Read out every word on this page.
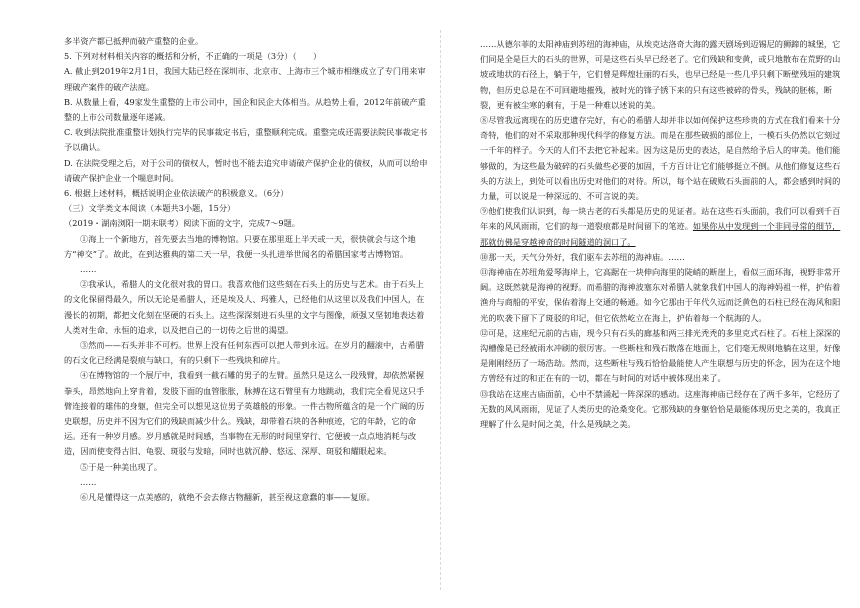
多半资产都已抵押而破产重整的企业。

5. 下列对材料相关内容的概括和分析，不正确的一项是（3分）（　　）

A. 截止到2019年2月1日，我国大陆已经在深圳市、北京市、上海市三个城市相继成立了专门用来审理破产案件的破产法庭。

B. 从数量上看，49家发生重整的上市公司中，国企和民企大体相当。从趋势上看，2012年前破产重整的上市公司数量逐年递减。

C. 收到法院批准重整计划执行完毕的民事裁定书后，重整顺利完成。重整完成还需要法院民事裁定书予以确认。

D. 在法院受理之后，对于公司的债权人，暂时也不能去追究申请破产保护企业的债权，从而可以给申请破产保护企业一个喘息时间。

6. 根据上述材料，概括说明企业依法破产的积极意义。（6分）

（三）文学类文本阅读（本题共3小题，15分）

（2019・湖南浏阳一期末联考）阅读下面的文字，完成7～9题。

①海上一个新地方，首先要去当地的博物馆。只要在那里逛上半天或一天，很快就会与这个地方“神交”了。故此，在到达雅典的第二天一早，我便一头扎进举世闻名的希腊国家考古博物馆。

……

②我承认，希腊人的文化很对我的胃口。我喜欢他们这些刻在石头上的历史与艺术。由于石头上的文化保留得最久，所以无论是希腊人，还是埃及人、玛雅人，已经他们从这里以及我们中国人，在漫长的初期，都把文化刻在坚硬的石头上。这些深深刻进石头里的文字与图像，顽强又坚韧地表达着人类对生命、永恒的追求，以及把自己的一切传之后世的渴望。

③然而——石头并非不可朽。世界上没有任何东西可以把人带到永远。在岁月的翻滚中，古希腊的石文化已经满是裂痕与缺口，有的只剩下一些残块和碎片。

④在博物馆的一个展厅中，我看到一截石雕的男子的左臂。虽然只是这么一段残臂，却依然紧握拳头，昂然地向上穿肯着，发肢下面的血管胀胀，脉搏在这石臂里有力地跳动，我们完全看见这只手臂连接着的雄伟的身躯，但完全可以想见这位男子英雄般的形象。一件古物所蕴含的是一个广阔的历史联想，历史并不因为它们的残缺而减少什么。残缺，却带着石块的各种痕迹，它的年龄，它的命运。还有一种岁月感。岁月感就是时间感，当事物在无形的时间里穿行、它便被一点点地消耗与改造，因而使变得古旧、龟裂、斑驳与发暗，同时也就沉静、悠远、深厚、斑驳和耀眼起来。

⑤于是一种美出现了。

……

⑥凡是懂得这一点美感的，就绝不会去修古物翻新，甚至视这意蠢的事——复原。

……从德尔菲的太阳神庙到苏纽的海神庙，从埃克达洛奇大海的露天剧场到迈锡尼的狮蹄的城堡，它们同是全是巨大的石头的世界，可是这些石头早已经老了。它们残缺和变黄，或只地散布在荒野的山坡或地状的石径上，躺于午，它们曾是辉煌壮丽的石头，也早已经是一些几乎只剩下断壁残垣的建筑物，但历史总是在不可回避地摧残，被时光的锋子锈下来的只有这些被碎的骨头，残缺的胚栋，断裂，更有被尘寒的剩有，于是一种难以述说的美。

⑧尽管我远离现在的历史遗存完好，有心的希腊人却并非以如何保护这些珍贵的方式在我们看来十分奇特，他们的对不采取那种现代科学的修复方法。而是在那些破损的部位上，一模石头仍然以它刻过一千年的样子。今天的人们不去把它补起来。因为这是历史的表达，是自然给予后人的审美。他们能够做的，为这些最为破碎的石头做些必要的加固，千方百计让它们能够挺立不倒。从他们修复这些石头的方法上，到处可以看出历史对他们的对待。所以，每个站在破败石头面前的人，都会感到时间的力量，可以说是一种深远的、不可言说的美。

⑨他们使我们认识到，每一块古老的石头都是历史的见证者。站在这些石头面前，我们可以看到千百年来的风风雨雨，它们的每一道裂痕都是时间留下的笔迹。如果你从中发现到一个非同寻常的细节，那就仿佛是穿越神奇的时间隧道的洞口了。

⑩那一天，天气分外好，我们驱车去苏纽的海神庙。……

⑪海神庙在苏纽角爱琴海岸上，它高踞在一块伸向海里的陡峭的断崖上，看似三面环海，视野非常开阔。这既然就是海神的视野。而希腊的海神波塞东对希腊人就象我们中国人的海神妈祖一样，护佑着渔舟与商船的平安，保佑着海上交通的畅通。如今它那由于年代久远而泛黄色的石柱已经在海风和阳光的吹袭下留下了斑驳的印记，但它依然屹立在海上，护佑着每一个航海的人。

⑫可是，这座纪元前的古庙，现今只有石头的廊基和两三排光秃秃的多里克式石柱了。石柱上深深的沟槽像是已经被雨水冲刷的很厉害。一些断柱和残石散落在地面上，它们毫无规则地躺在这里，好像是刚刚经历了一场浩劫。然而，这些断柱与残石恰恰最能使人产生联想与历史的怀念，因为在这个地方曾经有过的和正在有的一切，都在与时间的对话中被体现出来了。

⑬我站在这座古庙面前，心中不禁涌起一阵深深的感动。这座海神庙已经存在了两千多年，它经历了无数的风风雨雨，见证了人类历史的沧桑变化。它那残缺的身躯恰恰是最能体现历史之美的，我真正理解了什么是时间之美，什么是残缺之美。
